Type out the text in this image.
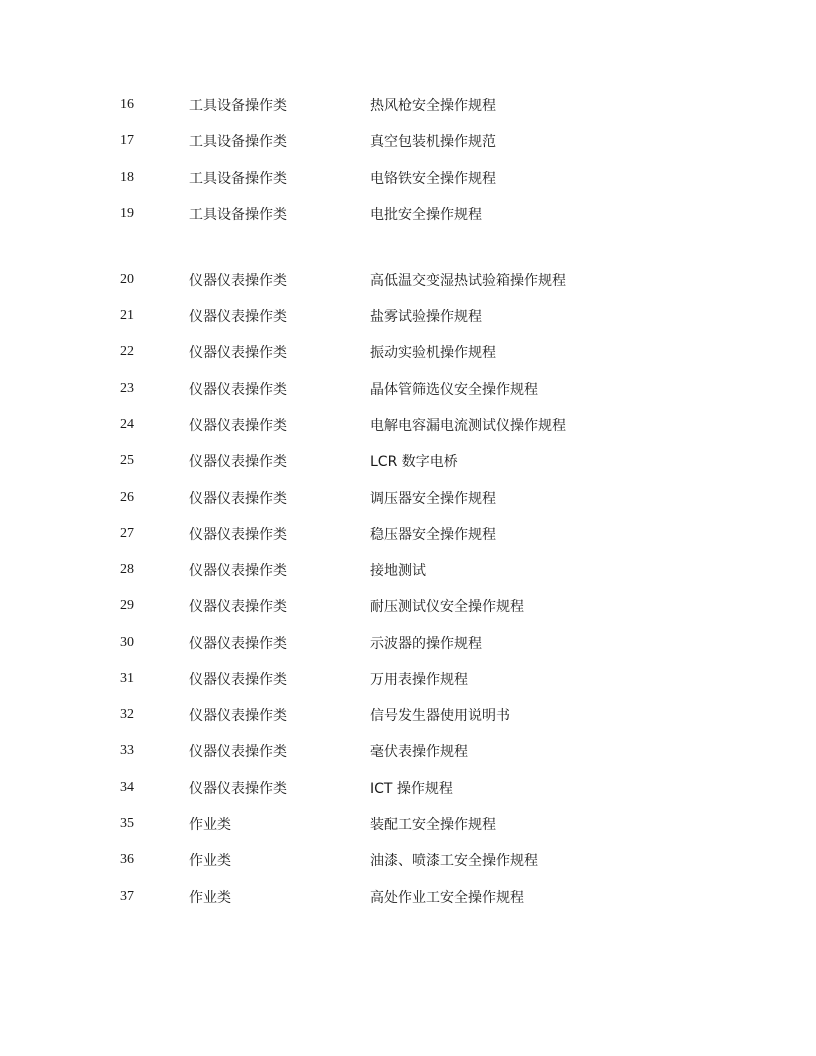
16	工具设备操作类	热风枪安全操作规程
17	工具设备操作类	真空包装机操作规范
18	工具设备操作类	电铬铁安全操作规程
19	工具设备操作类	电批安全操作规程
20	仪器仪表操作类	高低温交变湿热试验箱操作规程
21	仪器仪表操作类	盐雾试验操作规程
22	仪器仪表操作类	振动实验机操作规程
23	仪器仪表操作类	晶体管筛选仪安全操作规程
24	仪器仪表操作类	电解电容漏电流测试仪操作规程
25	仪器仪表操作类	LCR 数字电桥
26	仪器仪表操作类	调压器安全操作规程
27	仪器仪表操作类	稳压器安全操作规程
28	仪器仪表操作类	接地测试
29	仪器仪表操作类	耐压测试仪安全操作规程
30	仪器仪表操作类	示波器的操作规程
31	仪器仪表操作类	万用表操作规程
32	仪器仪表操作类	信号发生器使用说明书
33	仪器仪表操作类	毫伏表操作规程
34	仪器仪表操作类	ICT 操作规程
35	作业类	装配工安全操作规程
36	作业类	油漆、喷漆工安全操作规程
37	作业类	高处作业工安全操作规程
